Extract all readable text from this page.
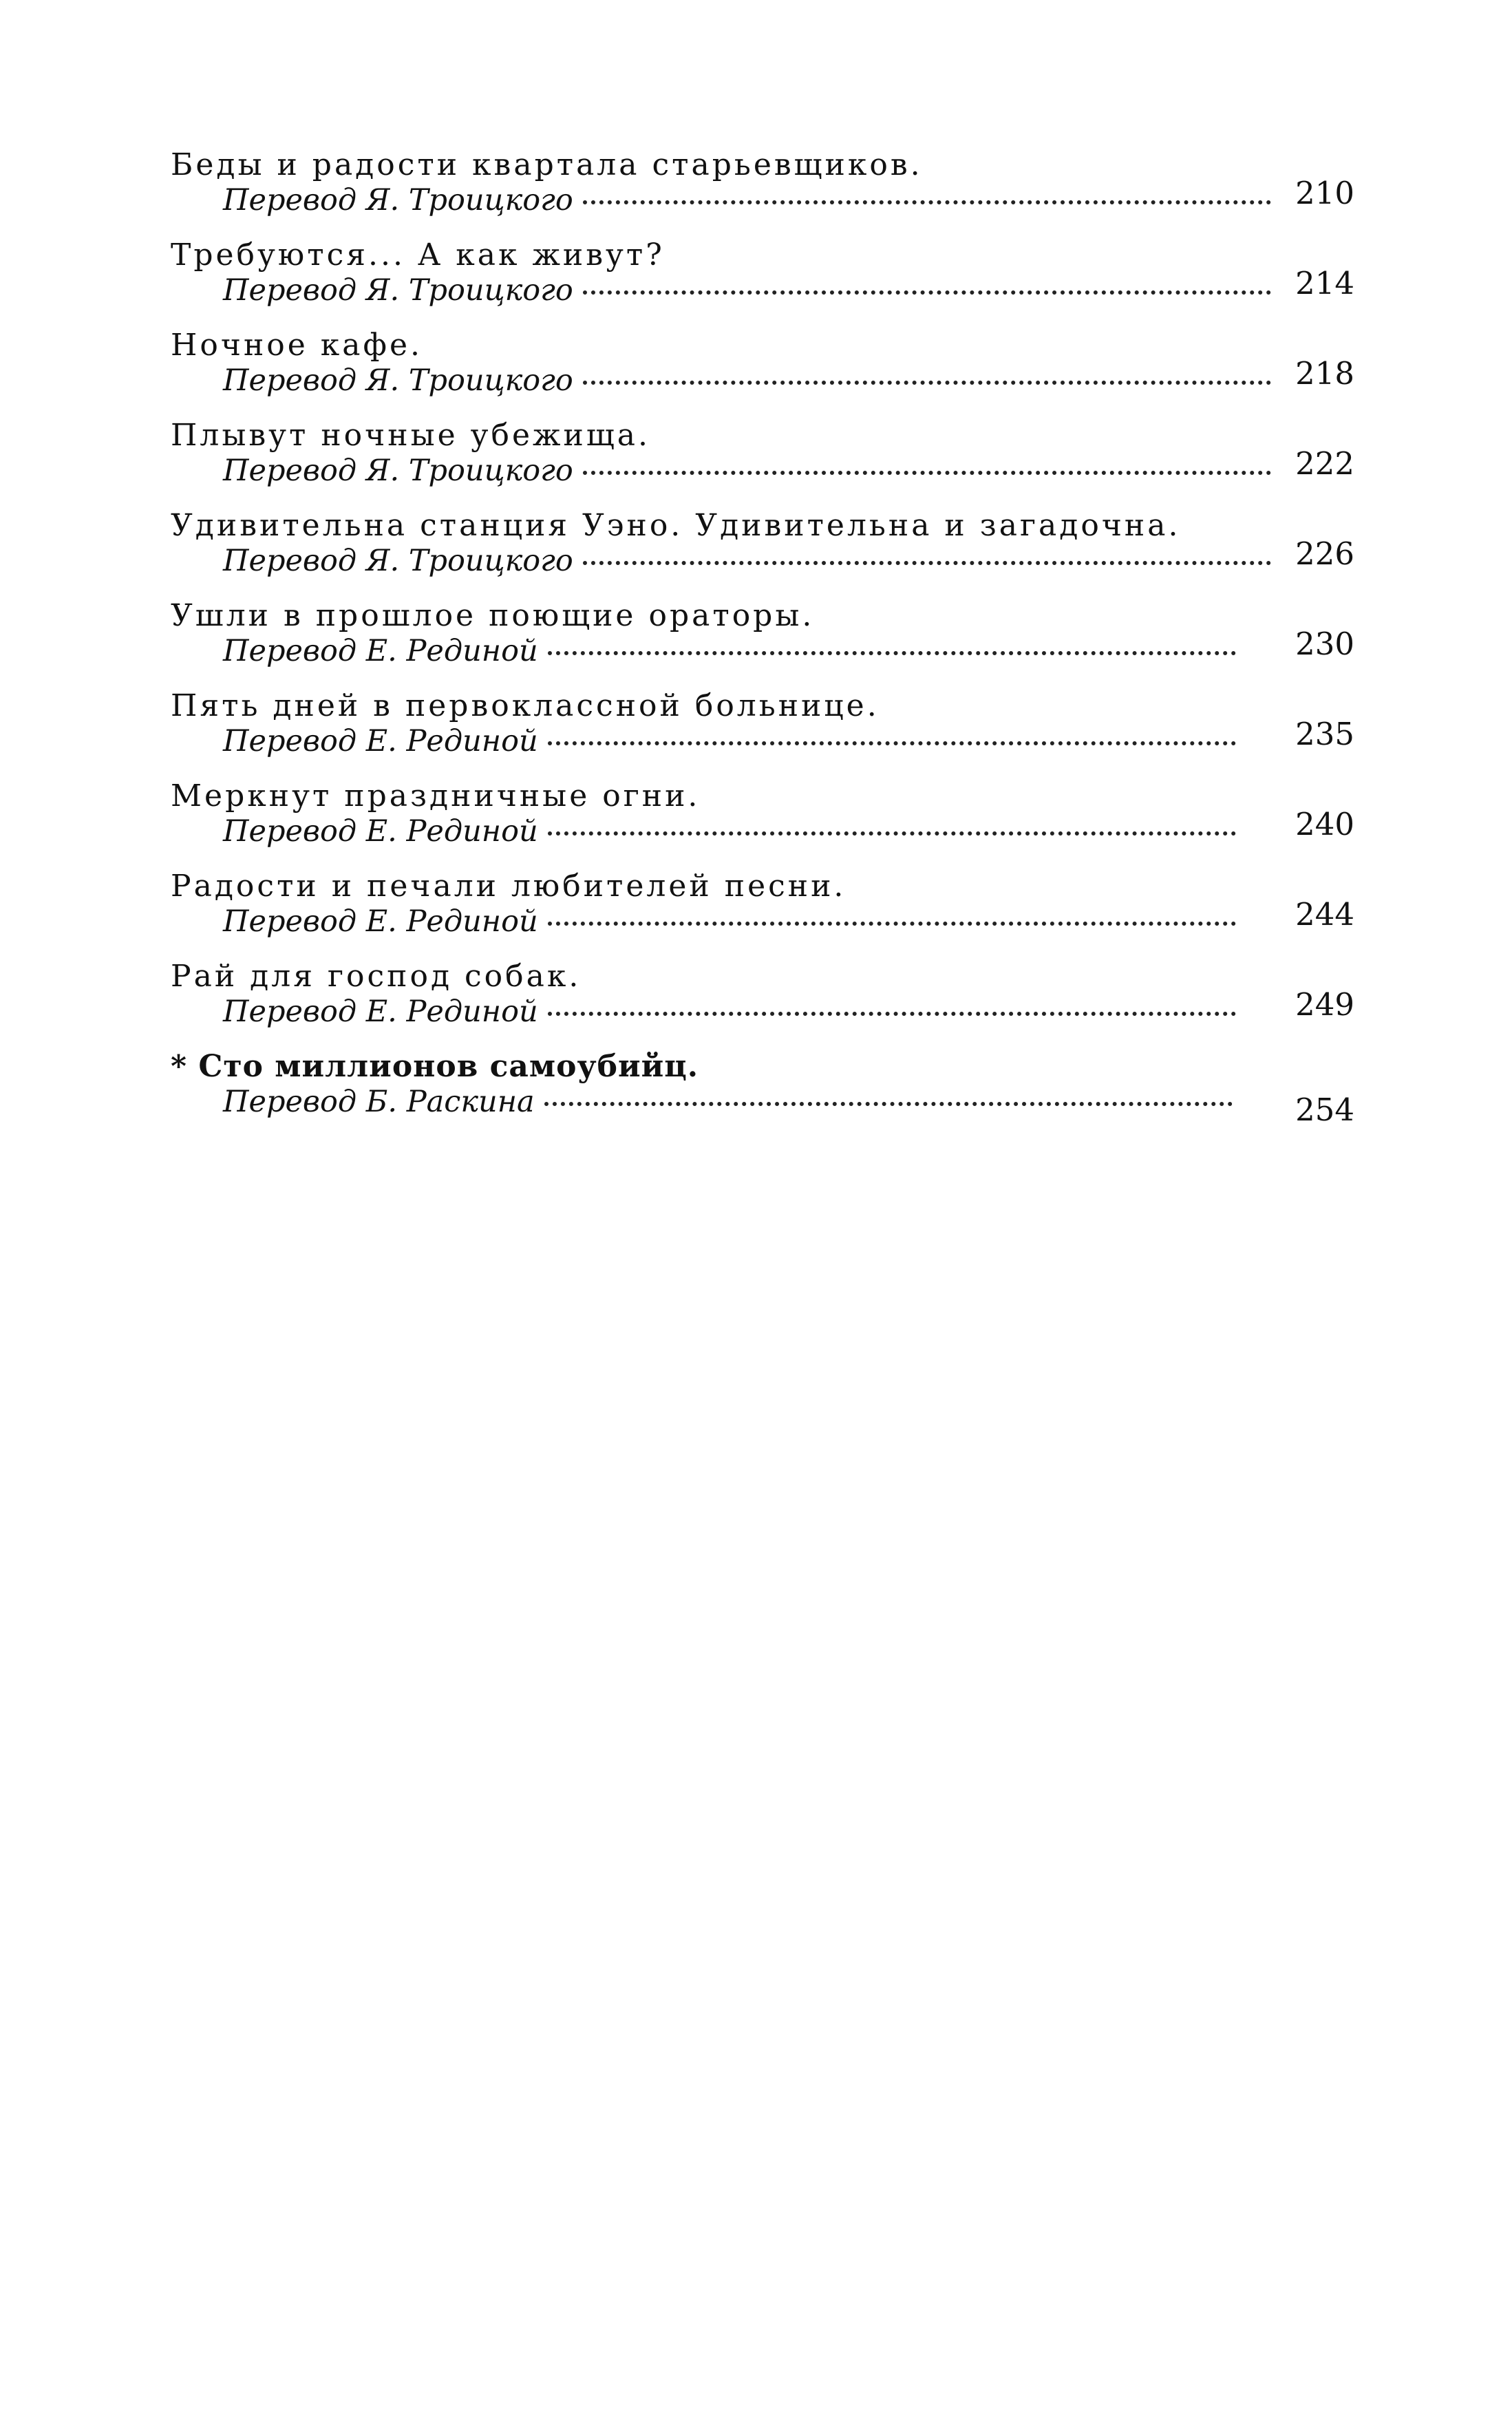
Беды и радости квартала старьевщиков.
Перевод Я. Троицкого	210
Требуются... А как живут?
Перевод Я. Троицкого	214
Ночное кафе.
Перевод Я. Троицкого	218
Плывут ночные убежища.
Перевод Я. Троицкого	222
Удивительна станция Уэно. Удивительна и загадочна.
Перевод Я. Троицкого	226
Ушли в прошлое поющие ораторы.
Перевод Е. Рединой	230
Пять дней в первоклассной больнице.
Перевод Е. Рединой	235
Меркнут праздничные огни.
Перевод Е. Рединой	240
Радости и печали любителей песни.
Перевод Е. Рединой	244
Рай для господ собак.
Перевод Е. Рединой	249
* Сто миллионов самоубийц.
Перевод Б. Раскина	254
